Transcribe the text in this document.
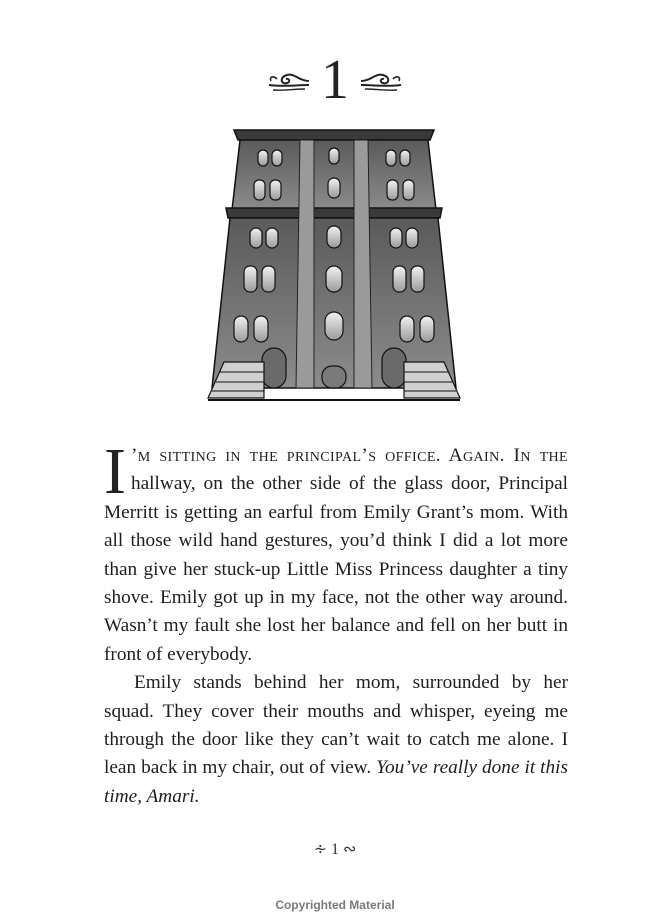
1

I ’m sitting in the principal’s office. Again. In the hallway, on the other side of the glass door, Principal Merritt is getting an earful from Emily Grant’s mom. With all those wild hand gestures, you’d think I did a lot more than give her stuck-up Little Miss Princess daughter a tiny shove. Emily got up in my face, not the other way around. Wasn’t my fault she lost her balance and fell on her butt in front of everybody.

Emily stands behind her mom, surrounded by her squad. They cover their mouths and whisper, eyeing me through the door like they can’t wait to catch me alone. I lean back in my chair, out of view. You’ve really done it this time, Amari.

∻ 1 ∾
Copyrighted Material
